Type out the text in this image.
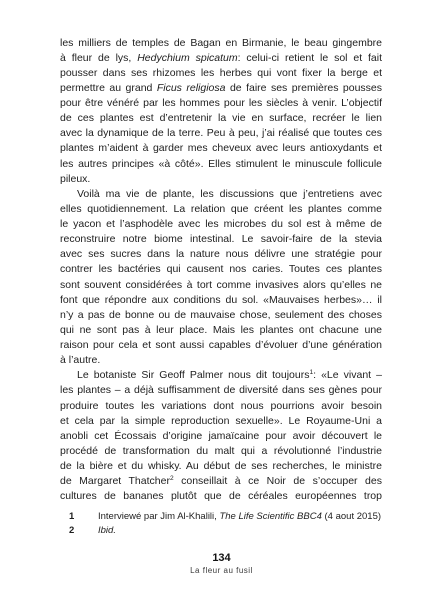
les milliers de temples de Bagan en Birmanie, le beau gingembre
à fleur de lys, Hedychium spicatum: celui-ci retient le sol et fait
pousser dans ses rhizomes les herbes qui vont fixer la berge et
permettre au grand Ficus religiosa de faire ses premières pousses
pour être vénéré par les hommes pour les siècles à venir. L’objectif
de ces plantes est d’entretenir la vie en surface, recréer le lien
avec la dynamique de la terre. Peu à peu, j’ai réalisé que toutes ces
plantes m’aident à garder mes cheveux avec leurs antioxydants et
les autres principes «à côté». Elles stimulent le minuscule follicule
pileux.
Voilà ma vie de plante, les discussions que j’entretiens avec
elles quotidiennement. La relation que créent les plantes comme
le yacon et l’asphodèle avec les microbes du sol est à même de
reconstruire notre biome intestinal. Le savoir-faire de la stevia
avec ses sucres dans la nature nous délivre une stratégie pour
contrer les bactéries qui causent nos caries. Toutes ces plantes
sont souvent considérées à tort comme invasives alors qu’elles ne
font que répondre aux conditions du sol. «Mauvaises herbes»… il
n’y a pas de bonne ou de mauvaise chose, seulement des choses
qui ne sont pas à leur place. Mais les plantes ont chacune une
raison pour cela et sont aussi capables d’évoluer d’une génération
à l’autre.
Le botaniste Sir Geoff Palmer nous dit toujours$^1$: «Le vivant –
les plantes – a déjà suffisamment de diversité dans ses gènes pour
produire toutes les variations dont nous pourrions avoir besoin
et cela par la simple reproduction sexuelle». Le Royaume-Uni a
anobli cet Écossais d’origine jamaïcaine pour avoir découvert le
procédé de transformation du malt qui a révolutionné l’industrie
de la bière et du whisky. Au début de ses recherches, le ministre
de Margaret Thatcher$^2$ conseillait à ce Noir de s’occuper des
cultures de bananes plutôt que de céréales européennes trop
1 Interviewé par Jim Al-Khalili, The Life Scientific BBC4 (4 aout 2015)
2 Ibid.
134
La fleur au fusil
